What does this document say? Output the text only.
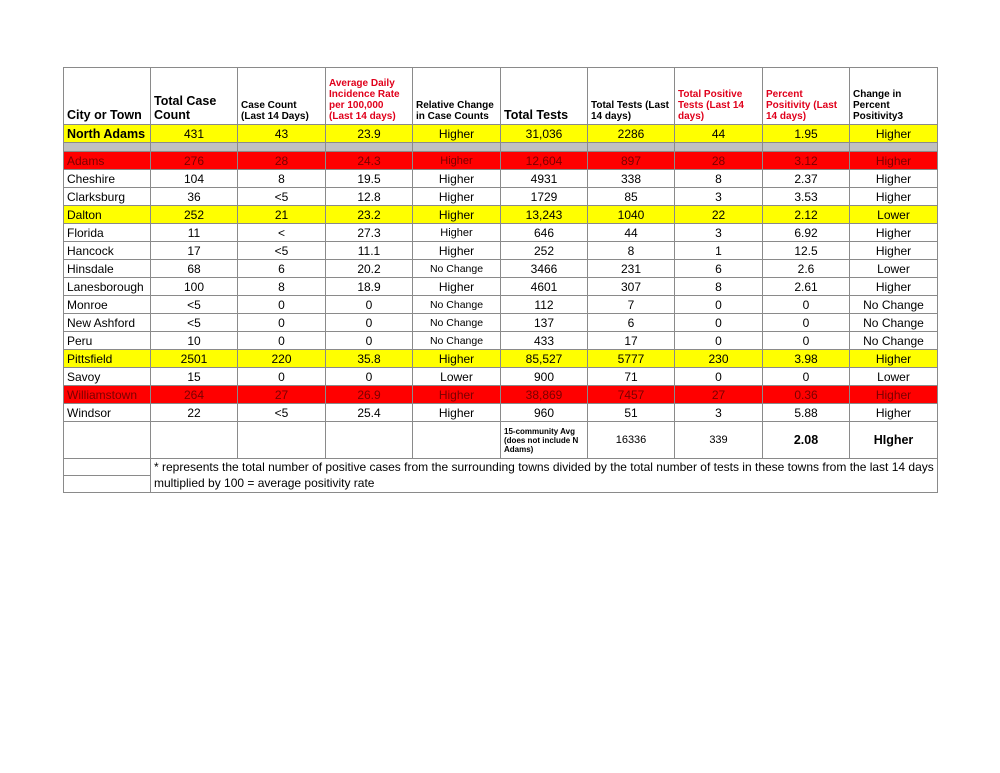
City or Town	Total Case Count	Case Count (Last 14 Days)	Average Daily Incidence Rate per 100,000 (Last 14 days)	Relative Change in Case Counts	Total Tests	Total Tests (Last 14 days)	Total Positive Tests (Last 14 days)	Percent Positivity (Last 14 days)	Change in Percent Positivity3
North Adams	431	43	23.9	Higher	31,036	2286	44	1.95	Higher

Adams	276	28	24.3	Higher	12,604	897	28	3.12	Higher
Cheshire	104	8	19.5	Higher	4931	338	8	2.37	Higher
Clarksburg	36	<5	12.8	Higher	1729	85	3	3.53	Higher
Dalton	252	21	23.2	Higher	13,243	1040	22	2.12	Lower
Florida	11	<	27.3	Higher	646	44	3	6.92	Higher
Hancock	17	<5	11.1	Higher	252	8	1	12.5	Higher
Hinsdale	68	6	20.2	No Change	3466	231	6	2.6	Lower
Lanesborough	100	8	18.9	Higher	4601	307	8	2.61	Higher
Monroe	<5	0	0	No Change	112	7	0	0	No Change
New Ashford	<5	0	0	No Change	137	6	0	0	No Change
Peru	10	0	0	No Change	433	17	0	0	No Change
Pittsfield	2501	220	35.8	Higher	85,527	5777	230	3.98	Higher
Savoy	15	0	0	Lower	900	71	0	0	Lower
Williamstown	264	27	26.9	Higher	38,869	7457	27	0.36	Higher
Windsor	22	<5	25.4	Higher	960	51	3	5.88	Higher
					15-community Avg (does not include N Adams)	16336	339	2.08	HIgher
	* represents the total number of positive cases from the surrounding towns divided by the total number of tests in these towns from the last 14 days multiplied by 100 = average positivity rate								
